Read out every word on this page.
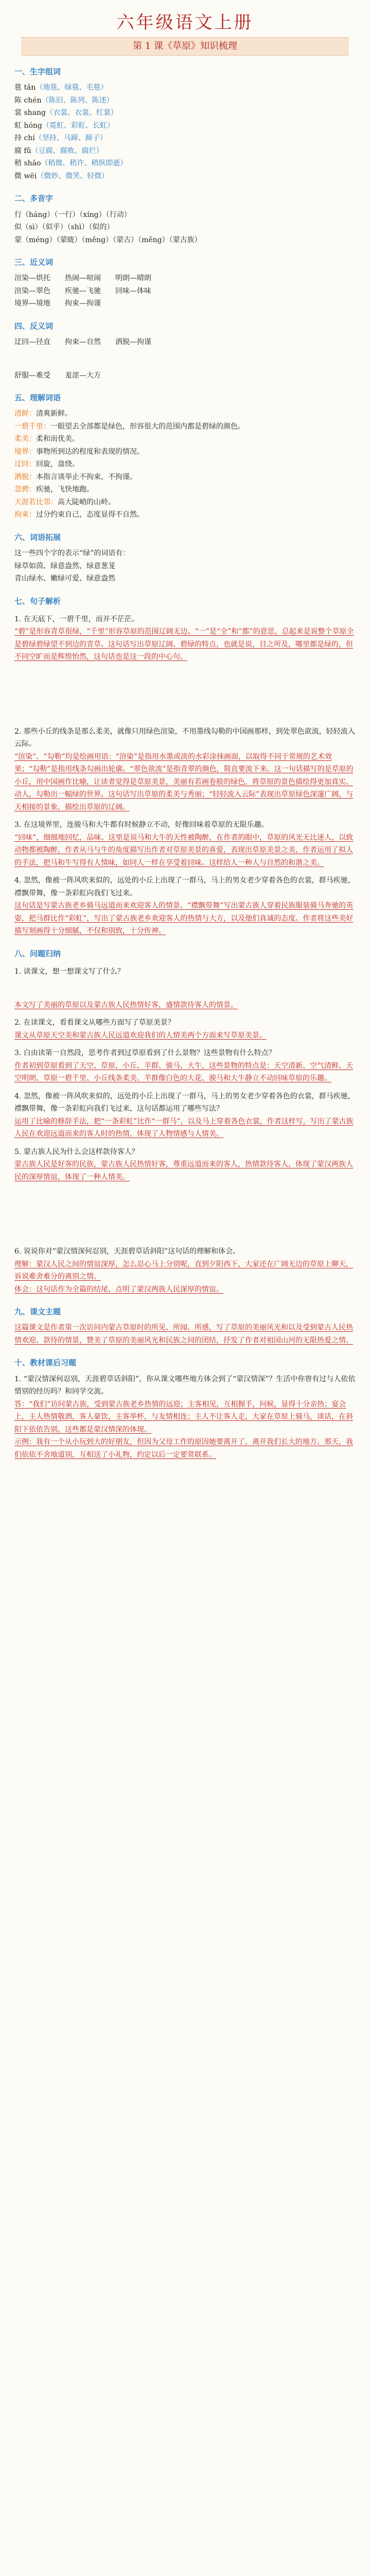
六年级语文上册
第 1 课《草原》知识梳理
一、生字组词
毯 tǎn（地毯、绿毯、毛毯）
陈 chén（陈旧、陈列、陈述）
裳 shang（衣裳、衣裳、红裳）
虹 hóng（霓虹、彩虹、长虹）
持 chí（坚持、马蹄、蹄子）
腐 fǔ（豆腐、腐败、腐烂）
稍 shāo（稍微、稍许、稍纵即逝）
微 wēi（微妙、微笑、轻微）
二、多音字
行（háng）（一行）（xíng）（行动）
似（sì）（似乎）（shì）（似的）
蒙（méng）（蒙眬）（měng）（蒙古）（měng）（蒙古族）
三、近义词
渲染—烘托　　热闹—喧闹　　明朗—晴朗
渲染—翠色　　疾驰—飞驰　　回味—体味
境界—境地　　拘束—拘谨
四、反义词
迂回—径直　　拘束—自然　　洒脱—拘谨
舒服—难受　　羞涩—大方
五、理解词语
清鲜：清爽新鲜。
一碧千里：一眼望去全部都是绿色，形容很大的范围内都是碧绿的颜色。
柔美：柔和而优美。
境界：事物所到达的程度和表现的情况。
迂回：回旋，盘绕。
洒脱：本指言谈举止不拘束，不拘谨。
忽骋：疾驰，飞快地跑。
天涯若比邻：高大陡峭的山岭。
拘束：过分约束自己，态度显得不自然。
六、词语拓展
这一些四个字的表示“绿”的词语有：
绿草如茵、绿意盎然、绿意葱茏
青山绿水、嫩绿可爱、绿意盎然
七、句子解析
1. 在天底下，一碧千里，而并不茫茫。
“碧”是形容青草很绿，“千里”形容草原的范围辽阔无边。“一”是“全”和“都”的意思，总起来是说整个草原全是碧绿碧绿望不到边的青草。这句话写出草原辽阔、碧绿的特点，也就是说，目之所及，哪里都是绿的，但不同空旷而是辉煌怡然，这句话也是这一段的中心句。
2. 那些小丘的线条是那么柔美，就像只用绿色渲染，不用墨线勾勒的中国画那样，到处翠色欲流，轻轻流入云际。
“渲染”、“勾勒”均是绘画用语：“渲染”是指用水墨或淡的水彩涂抹画面，以取得不同于常规的艺术效果；“勾勒”是指用线条勾画出轮廓。“翠色欲流”是指青翠的颜色，简直要流下来。这一句话描写的是草原的小丘，用中国画作比喻，让读者觉得是草原美景，美丽有若画卷般的绿色，将草原的景色描绘得更加真实、动人，勾勒出一幅绿的世界。这句话写出草原的柔美与秀丽；“轻轻流入云际”表现出草原绿色深邃广阔，与天相接的景象，描绘出草原的辽阔。
3. 在这境界里，连骏马和大牛都有时候静立不动，好像回味着草原的无限乐趣。
“回味”，细细地回忆，品味。这里是说马和大牛的天性被陶醉，在作者的眼中，草原的风光无比迷人，以致动物都被陶醉，作者从马与牛的角度描写出作者对草原美景的喜爱，表现出草原美景之美，作者运用了拟人的手法，把马和牛写得有人情味，如同人一样在享受着回味。这样给人一种人与自然的和谐之美。
4. 忽然，像被一阵风吹来似的，远处的小丘上出现了一群马，马上的男女老少穿着各色的衣裳，群马疾驰，襟飘带舞，像一条彩虹向我们飞过来。
这句话是写蒙古族老乡骑马远道而来欢迎客人的情景。“襟飘带舞”写出蒙古族人穿着民族服装骑马奔驰的英姿，把马群比作“彩虹”，写出了蒙古族老乡欢迎客人的热情与大方，以及他们真诚的态度。作者将这些美好描写刻画得十分细腻，不仅和别致，十分传神。
八、问题归纳
1. 读课文，想一想课文写了什么？
本文写了美丽的草原以及蒙古族人民热情好客，盛情款待客人的情景。
2. 在读课文，看看课文从哪些方面写了草原美景？
课文从草原天空美和蒙古族人民远道欢迎我们的人情美两个方面来写草原美景。
3. 白由读第一自然段，思考作者到过草原看到了什么景物？这些景物有什么特点？
作者初到草原看到了天空、草原、小丘、羊群、骏马、大牛，这些景物的特点是：天空清新、空气清鲜、天空明朗、草原一碧千里、小丘线条柔美、羊群像白色的大花、骏马和大牛静立不动回味草原的乐趣。
4. 忽然，像被一阵风吹来似的，远处的小丘上出现了一群马，马上的男女老少穿着各色的衣裳，群马疾驰，襟飘带舞，像一条彩虹向我们飞过来，这句话都运用了哪些写法？
运用了比喻的修辞手法，把“一条彩虹”比作“一群马”，以及马上穿着各色衣裳，作者这样写，写出了蒙古族人民在欢迎远道而来的客人时的热情，体现了人物情感与人情美。
5. 蒙古族人民为什么会这样款待客人？
蒙古族人民是好客的民族，蒙古族人民热情好客，尊重远道而来的客人，热情款待客人，体现了蒙汉两族人民的深厚情谊，体现了一种人情美。
6. 说说你对“蒙汉情深何忍别，天涯碧草话斜阳”这句话的理解和体会。
理解：蒙汉人民之间的情谊深厚，怎么忍心马上分别呢，直到夕阳西下，大家还在广阔无边的草原上聊天，诉说难舍难分的离别之情。
体会：这句话作为全篇的结尾，点明了蒙汉两族人民深厚的情谊。
九、课文主题
这篇课文是作者第一次访问内蒙古草原时的所见、所闻、所感，写了草原的美丽风光和以及受到蒙古人民热情欢迎、款待的情景，赞美了草原的美丽风光和民族之间的团结，抒发了作者对祖国山河的无限热爱之情。
十、教材课后习题
1. “蒙汉情深何忍别，天涯碧草话斜阳”，你从课文哪些地方体会到了“蒙汉情深”？生活中你曾有过与人依依惜别的经历吗？和同学交流。
答：“我们”访问蒙古族，受到蒙古族老乡热情的远迎；主客相见，互相握手，问候，显得十分亲热；宴会上，主人热情敬酒，客人豪饮，主客举杯，与友情相连；主人不让客人走，大家在草原上骑马，谈话，在斜阳下依依告别，这些都是蒙汉情深的体现。
示例：我有一个从小玩到大的好朋友，但因为父母工作的原因她要离开了，离开我们长大的地方。那天，我们依依不舍地道别，互相送了小礼物，约定以后一定要常联系。
